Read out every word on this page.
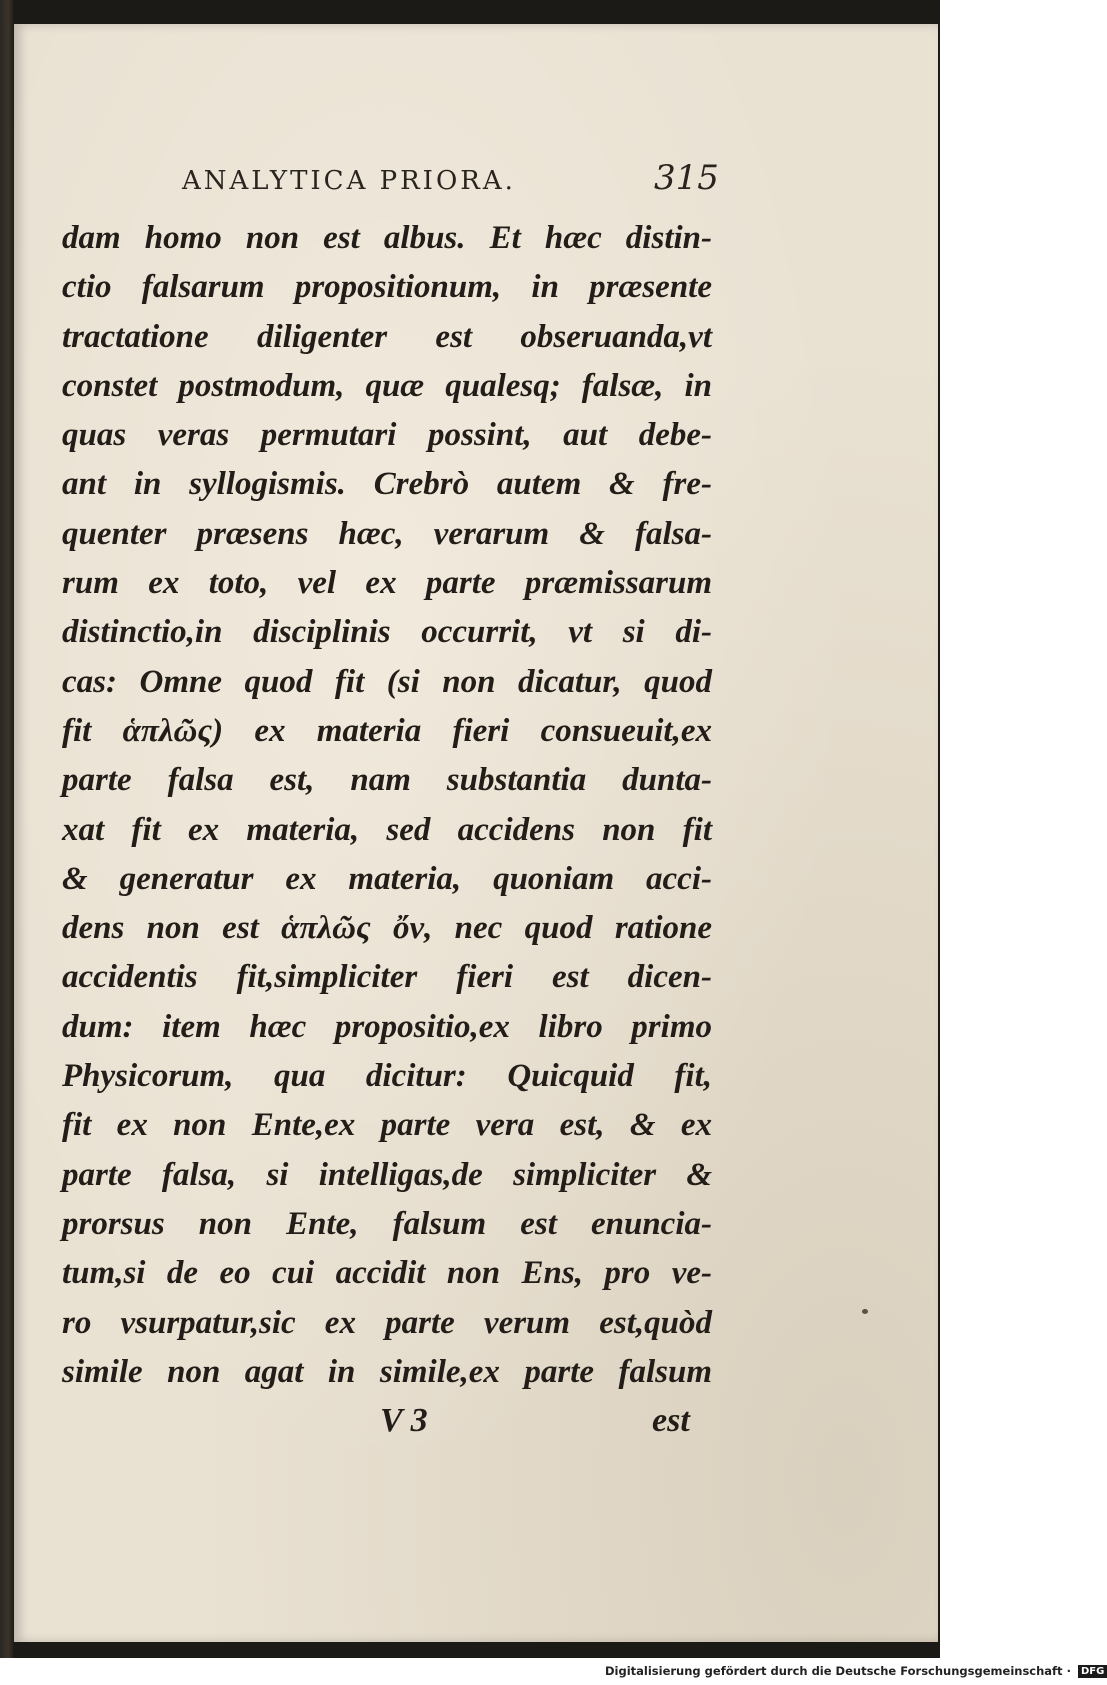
ANALYTICA PRIORA.	315

dam homo non est albus. Et hæc distin-

ctio falsarum propositionum, in præsente

tractatione diligenter est obseruanda,vt

constet postmodum, quæ qualesq; falsæ, in

quas veras permutari possint, aut debe-

ant in syllogismis. Crebrò autem & fre-

quenter præsens hæc, verarum & falsa-

rum ex toto, vel ex parte præmissarum

distinctio,in disciplinis occurrit, vt si di-

cas: Omne quod fit (si non dicatur, quod

fit ἁπλῶς) ex materia fieri consueuit,ex

parte falsa est, nam substantia dunta-

xat fit ex materia, sed accidens non fit

& generatur ex materia, quoniam acci-

dens non est ἁπλῶς ὄν, nec quod ratione

accidentis fit,simpliciter fieri est dicen-

dum: item hæc propositio,ex libro primo

Physicorum, qua dicitur: Quicquid fit,

fit ex non Ente,ex parte vera est, & ex

parte falsa, si intelligas,de simpliciter &

prorsus non Ente, falsum est enuncia-

tum,si de eo cui accidit non Ens, pro ve-

ro vsurpatur,sic ex parte verum est,quòd

simile non agat in simile,ex parte falsum

V 3	est
Digitalisierung gefördert durch die Deutsche Forschungsgemeinschaft · DFG
